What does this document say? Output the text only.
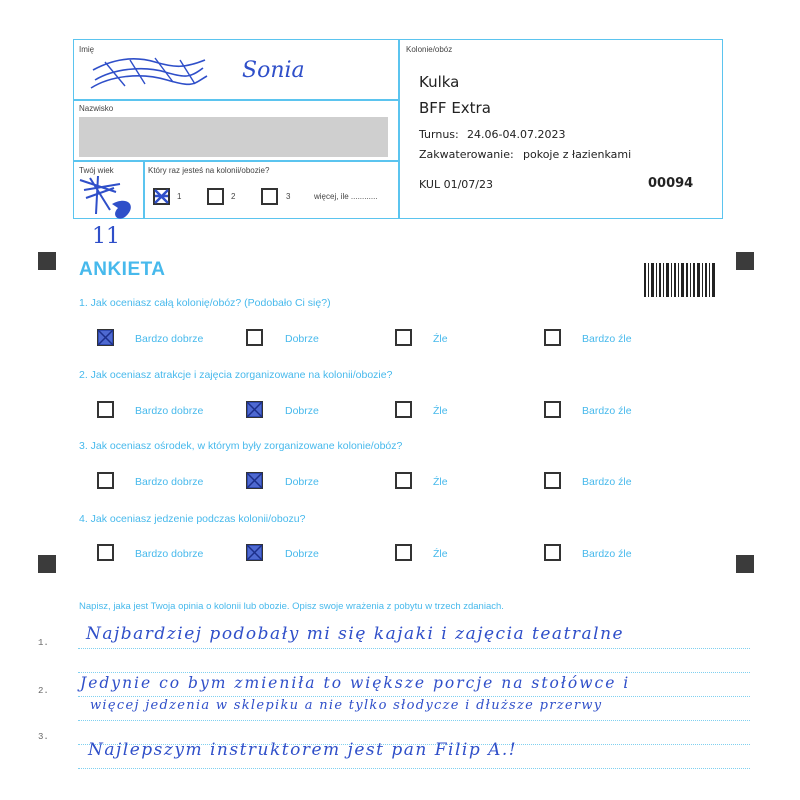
Imię
Sonia
Nazwisko
Twój wiek
11
Który raz jesteś na kolonii/obozie?
1	2	3	więcej, ile ............
Kolonie/obóz
Kulka
BFF Extra
Turnus: 24.06-04.07.2023
Zakwaterowanie: pokoje z łazienkami
KUL 01/07/23	00094
ANKIETA
1. Jak oceniasz całą kolonię/obóz? (Podobało Ci się?)
2. Jak oceniasz atrakcje i zajęcia zorganizowane na kolonii/obozie?
3. Jak oceniasz ośrodek, w którym były zorganizowane kolonie/obóz?
4. Jak oceniasz jedzenie podczas kolonii/obozu?
Bardzo dobrze	Dobrze	Źle	Bardzo źle
Bardzo dobrze	Dobrze	Źle	Bardzo źle
Bardzo dobrze	Dobrze	Źle	Bardzo źle
Bardzo dobrze	Dobrze	Źle	Bardzo źle
Napisz, jaka jest Twoja opinia o kolonii lub obozie. Opisz swoje wrażenia z pobytu w trzech zdaniach.
1.
2.
3.
Najbardziej podobały mi się kajaki i zajęcia teatralne
Jedynie co bym zmieniła to większe porcje na stołówce i
więcej jedzenia w sklepiku a nie tylko słodycze i dłuższe przerwy
Najlepszym instruktorem jest pan Filip A.!
